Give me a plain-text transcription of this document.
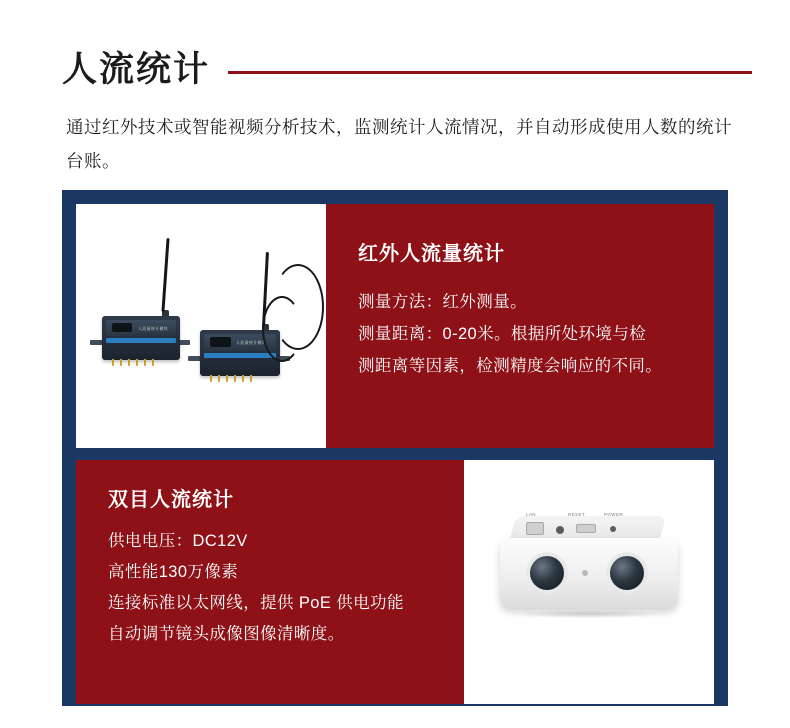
人流统计
通过红外技术或智能视频分析技术，监测统计人流情况，并自动形成使用人数的统计台账。
人流量统计模块
人流量统计模块
红外人流量统计
测量方法：红外测量。
测量距离：0-20米。根据所处环境与检
测距离等因素，检测精度会响应的不同。
双目人流统计
供电电压：DC12V
高性能130万像素
连接标准以太网线，提供 PoE 供电功能
自动调节镜头成像图像清晰度。
LAN	RESET	POWER
